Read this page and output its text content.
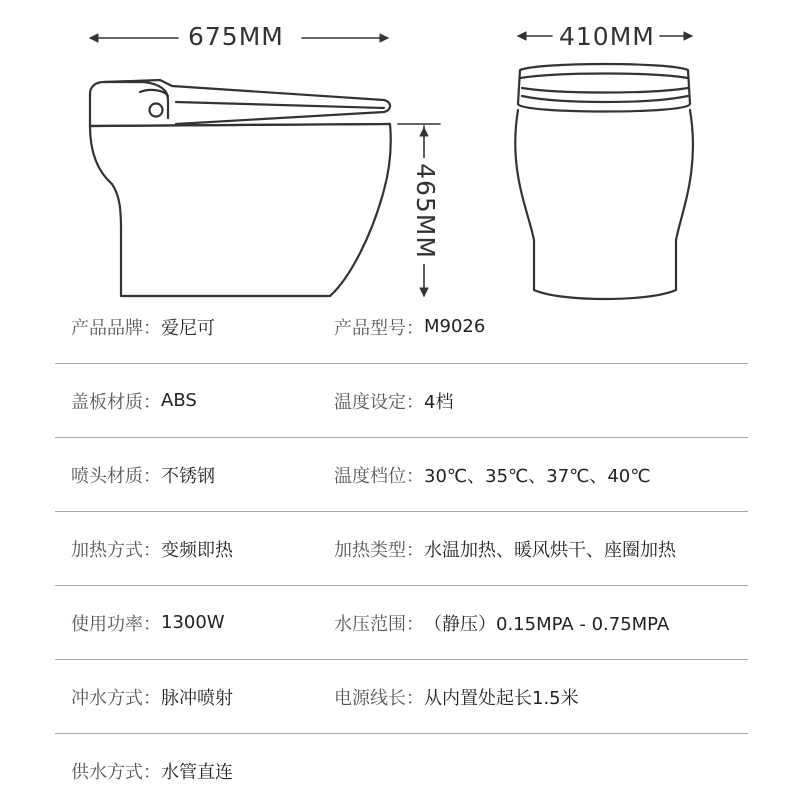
675MM	410MM
465MM
产品品牌： 爱尼可	产品型号： M9026
盖板材质： ABS	温度设定： 4档
喷头材质： 不锈钢	温度档位： 30℃、35℃、37℃、40℃
加热方式： 变频即热	加热类型： 水温加热、暖风烘干、座圈加热
使用功率： 1300W	水压范围： （静压）0.15MPA - 0.75MPA
冲水方式： 脉冲喷射	电源线长： 从内置处起长1.5米
供水方式： 水管直连
